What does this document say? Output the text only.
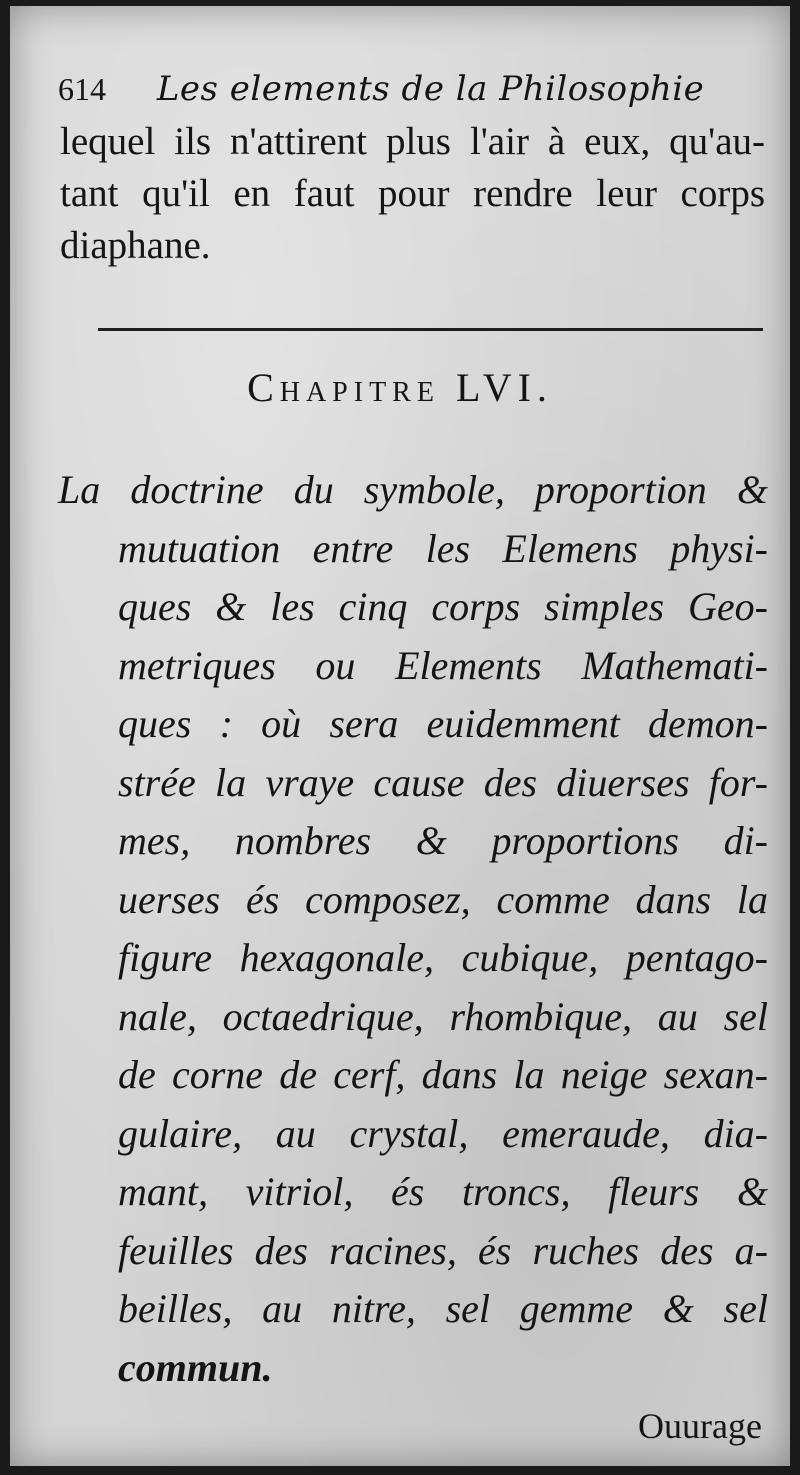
614 Les elements de la Philosophie
lequel ils n'attirent plus l'air à eux, qu'au-
tant qu'il en faut pour rendre leur corps
diaphane.
Chapitre LVI.
La doctrine du symbole, proportion &
mutuation entre les Elemens physi-
ques & les cinq corps simples Geo-
metriques ou Elements Mathemati-
ques : où sera euidemment demon-
strée la vraye cause des diuerses for-
mes, nombres & proportions di-
uerses és composez, comme dans la
figure hexagonale, cubique, pentago-
nale, octaedrique, rhombique, au sel
de corne de cerf, dans la neige sexan-
gulaire, au crystal, emeraude, dia-
mant, vitriol, és troncs, fleurs &
feuilles des racines, és ruches des a-
beilles, au nitre, sel gemme & sel
commun.
Ouurage
